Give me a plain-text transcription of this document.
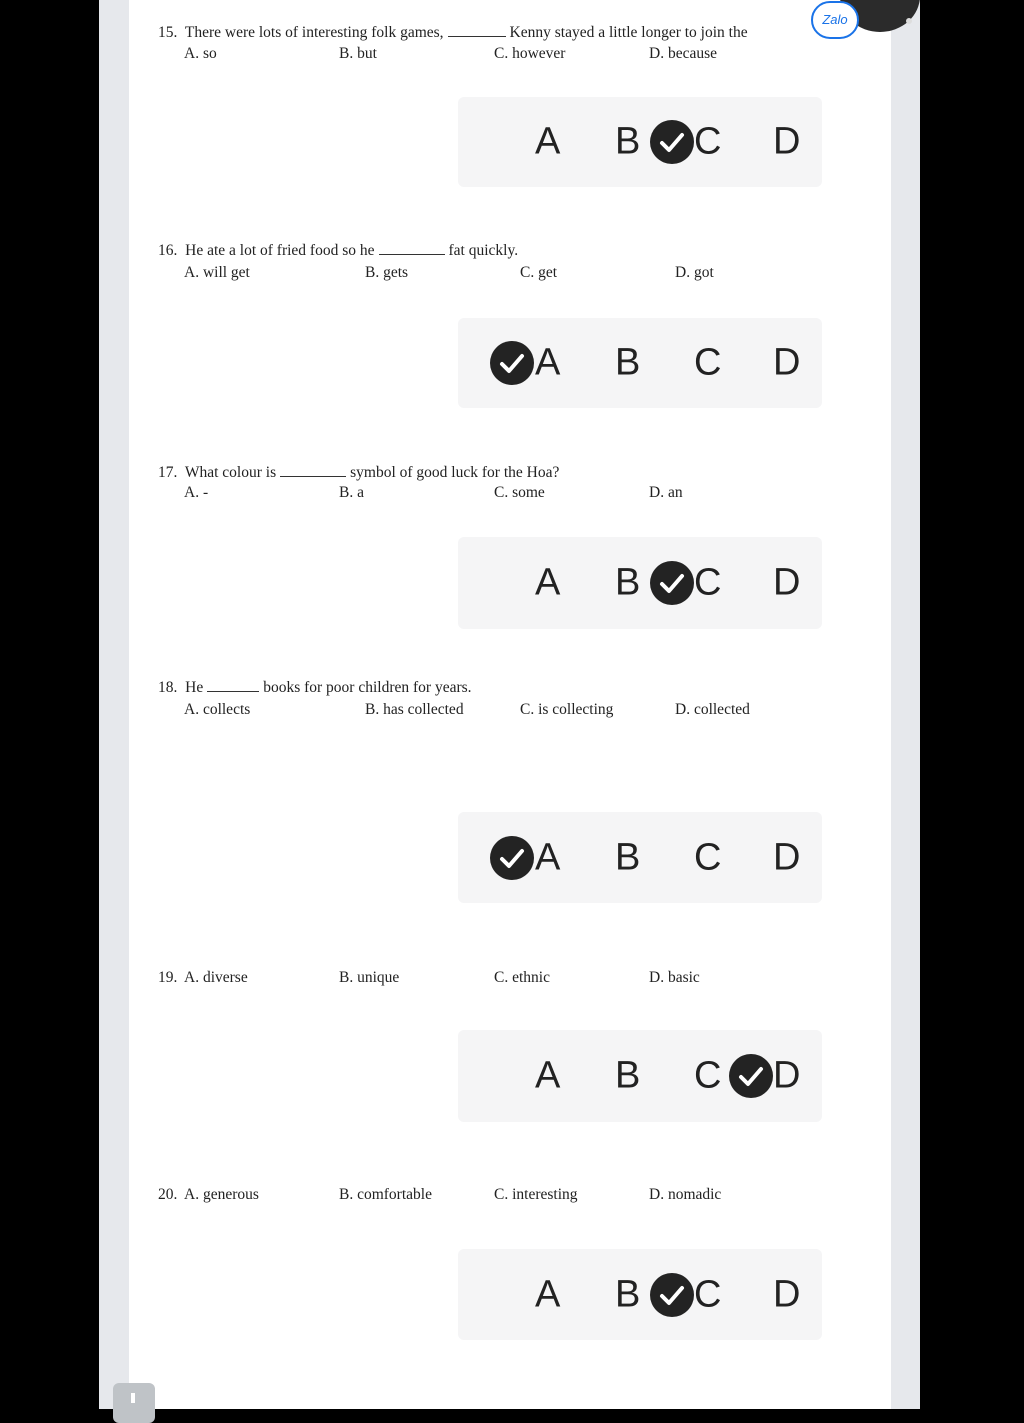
Zalo
15. There were lots of interesting folk games,	Kenny stayed a little longer to join the
A. so	B. but	C. however	D. because
A B C D
16. He ate a lot of fried food so he	fat quickly.
A. will get	B. gets	C. get	D. got
A B C D
17. What colour is	symbol of good luck for the Hoa?
A. -	B. a	C. some	D. an
A B C D
18. He	books for poor children for years.
A. collects	B. has collected	C. is collecting	D. collected
A B C D
19. A. diverse	B. unique	C. ethnic	D. basic
A B C D
20. A. generous	B. comfortable	C. interesting	D. nomadic
A B C D
